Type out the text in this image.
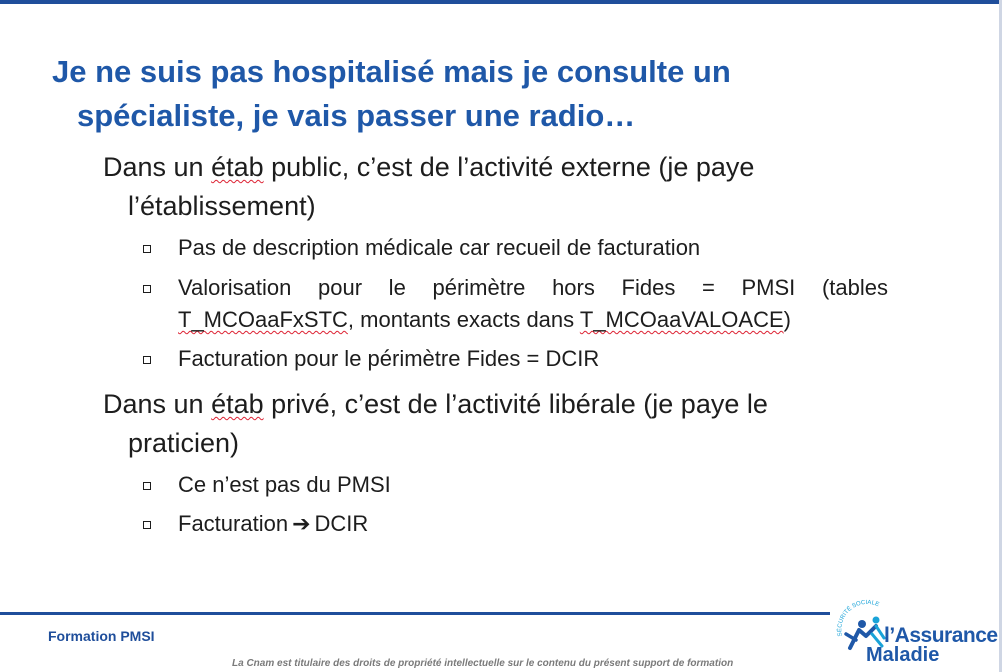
Je ne suis pas hospitalisé mais je consulte un
spécialiste, je vais passer une radio…
Dans un étab public, c’est de l’activité externe (je paye
l’établissement)
Pas de description médicale car recueil de facturation
Valorisation pour le périmètre hors Fides = PMSI (tables T_MCOaaFxSTC, montants exacts dans T_MCOaaVALOACE)
Facturation pour le périmètre Fides = DCIR
Dans un étab privé, c’est de l’activité libérale (je paye le
praticien)
Ce n’est pas du PMSI
Facturation ➔ DCIR
Formation PMSI
La Cnam est titulaire des droits de propriété intellectuelle sur le contenu du présent support de formation
SÉCURITÉ SOCIALE
l’Assurance
Maladie
